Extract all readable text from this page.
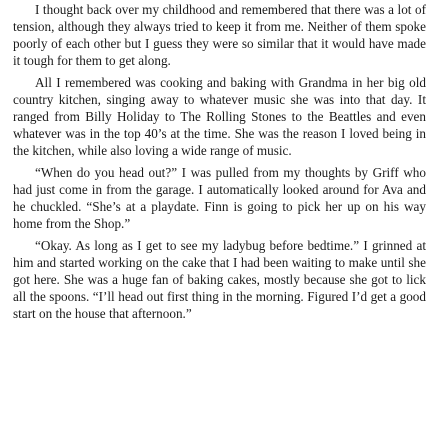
I thought back over my childhood and remembered that there was a lot of tension, although they always tried to keep it from me. Neither of them spoke poorly of each other but I guess they were so similar that it would have made it tough for them to get along.

All I remembered was cooking and baking with Grandma in her big old country kitchen, singing away to whatever music she was into that day. It ranged from Billy Holiday to The Rolling Stones to the Beattles and even whatever was in the top 40’s at the time. She was the reason I loved being in the kitchen, while also loving a wide range of music.

“When do you head out?” I was pulled from my thoughts by Griff who had just come in from the garage. I automatically looked around for Ava and he chuckled. “She’s at a playdate. Finn is going to pick her up on his way home from the Shop.”

“Okay. As long as I get to see my ladybug before bedtime.” I grinned at him and started working on the cake that I had been waiting to make until she got here. She was a huge fan of baking cakes, mostly because she got to lick all the spoons. “I’ll head out first thing in the morning. Figured I’d get a good start on the house that afternoon.”
